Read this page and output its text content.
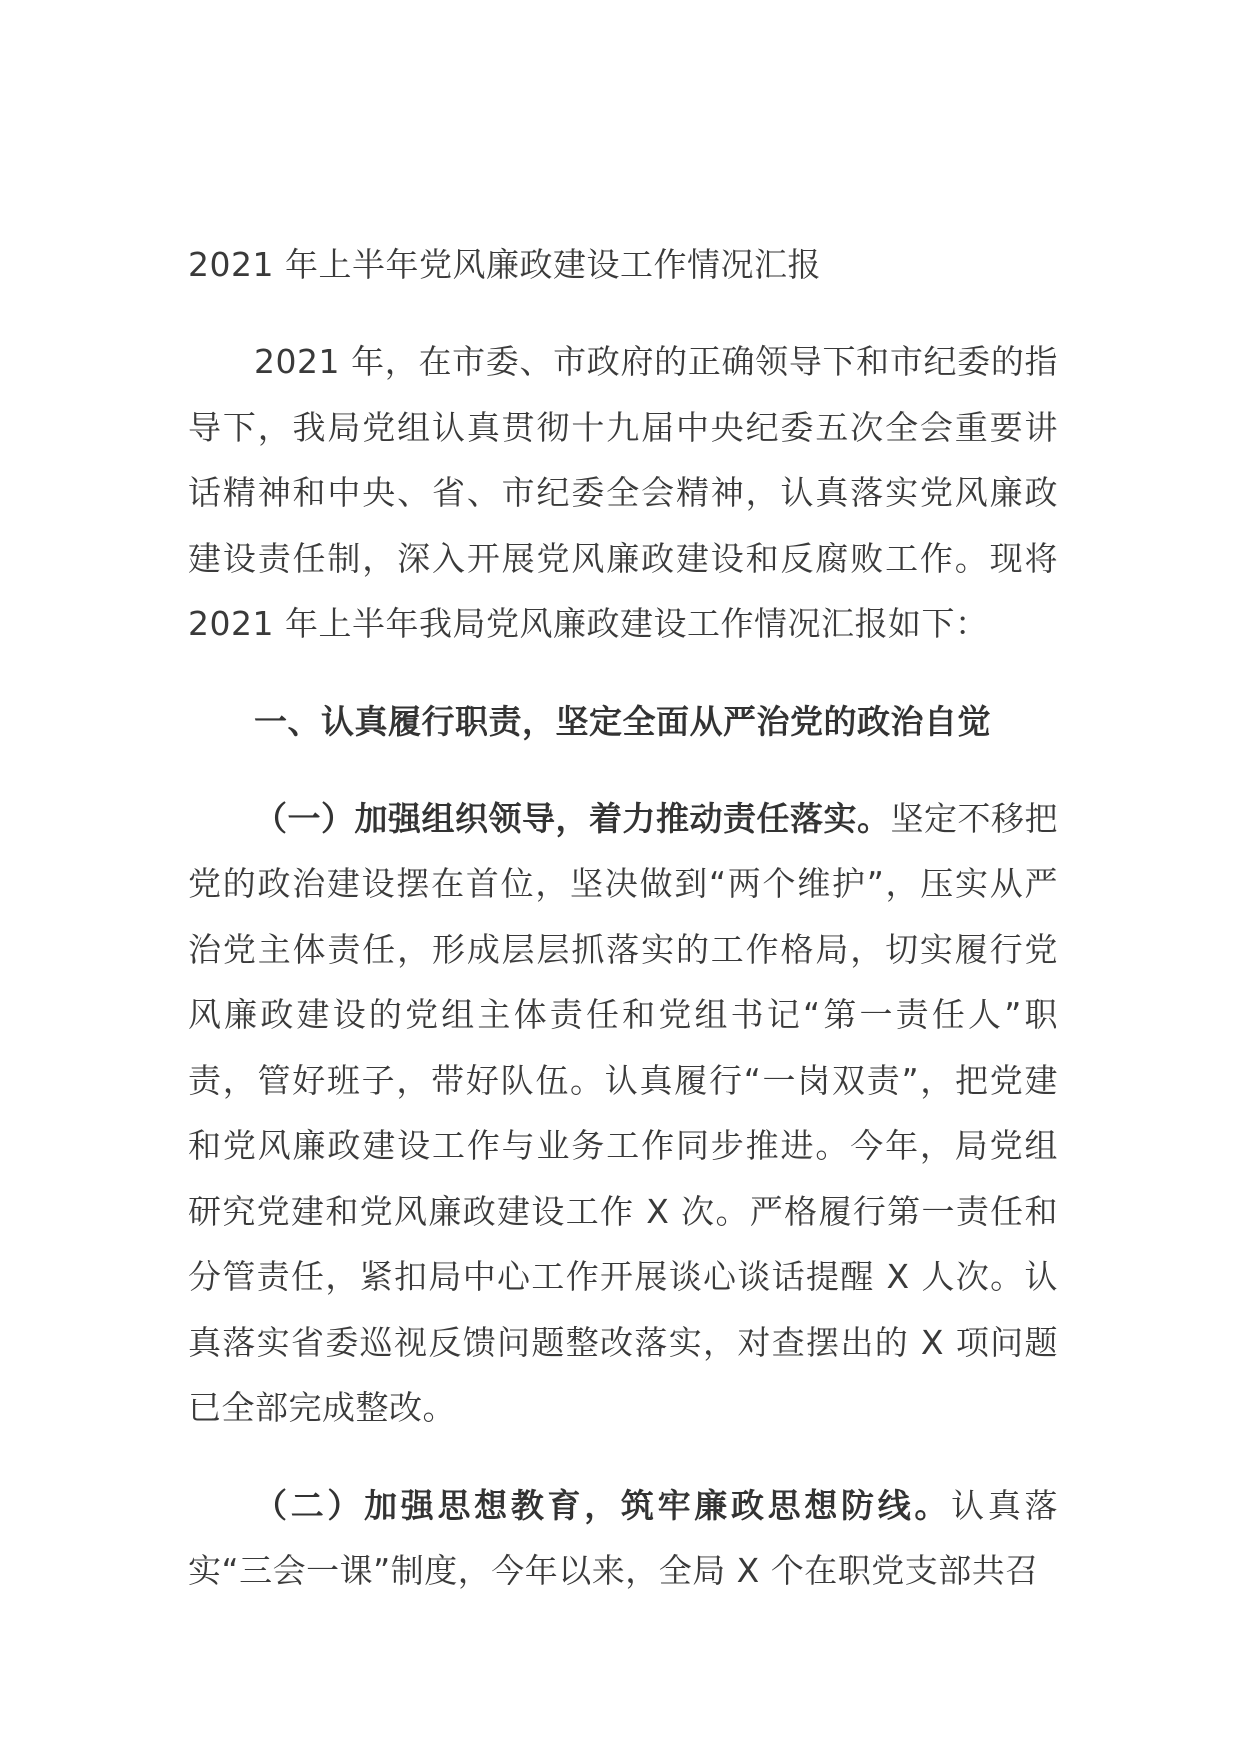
2021 年上半年党风廉政建设工作情况汇报

2021 年，在市委、市政府的正确领导下和市纪委的指导下，我局党组认真贯彻十九届中央纪委五次全会重要讲话精神和中央、省、市纪委全会精神，认真落实党风廉政建设责任制，深入开展党风廉政建设和反腐败工作。现将 2021 年上半年我局党风廉政建设工作情况汇报如下：

一、认真履行职责，坚定全面从严治党的政治自觉

（一）加强组织领导，着力推动责任落实。坚定不移把党的政治建设摆在首位，坚决做到“两个维护”，压实从严治党主体责任，形成层层抓落实的工作格局，切实履行党风廉政建设的党组主体责任和党组书记“第一责任人”职责，管好班子，带好队伍。认真履行“一岗双责”，把党建和党风廉政建设工作与业务工作同步推进。今年，局党组研究党建和党风廉政建设工作 X 次。严格履行第一责任和分管责任，紧扣局中心工作开展谈心谈话提醒 X 人次。认真落实省委巡视反馈问题整改落实，对查摆出的 X 项问题已全部完成整改。

（二）加强思想教育，筑牢廉政思想防线。认真落实“三会一课”制度，今年以来，全局 X 个在职党支部共召
